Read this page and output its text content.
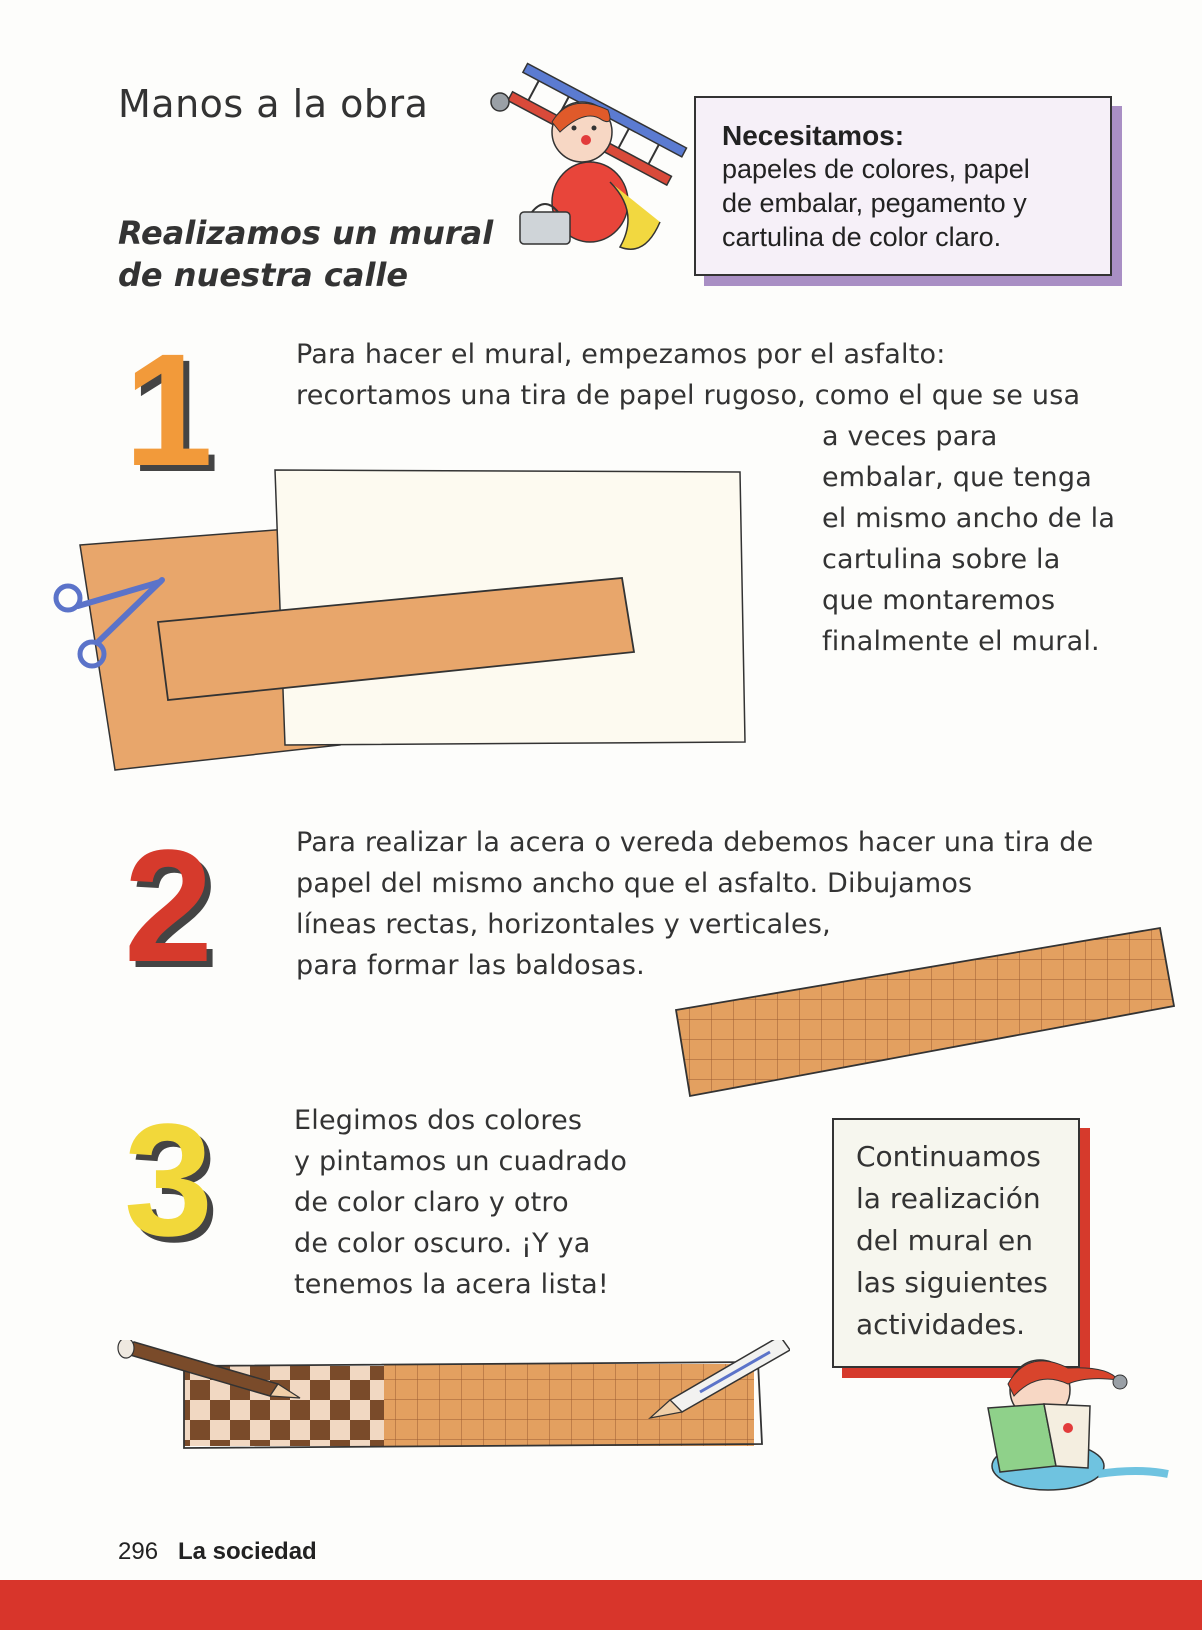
Manos a la obra
Realizamos un mural
de nuestra calle
Necesitamos:
papeles de colores, papel
de embalar, pegamento y
cartulina de color claro.
1	Para hacer el mural, empezamos por el asfalto:

recortamos una tira de papel rugoso, como el que se usa

a veces para

embalar, que tenga

el mismo ancho de la

cartulina sobre la

que montaremos

finalmente el mural.

2	Para realizar la acera o vereda debemos hacer una tira de

papel del mismo ancho que el asfalto. Dibujamos

líneas rectas, horizontales y verticales,

para formar las baldosas.

3	Elegimos dos colores

y pintamos un cuadrado

de color claro y otro

de color oscuro. ¡Y ya

tenemos la acera lista!

Continuamos
la realización
del mural en
las siguientes
actividades.
296 La sociedad
